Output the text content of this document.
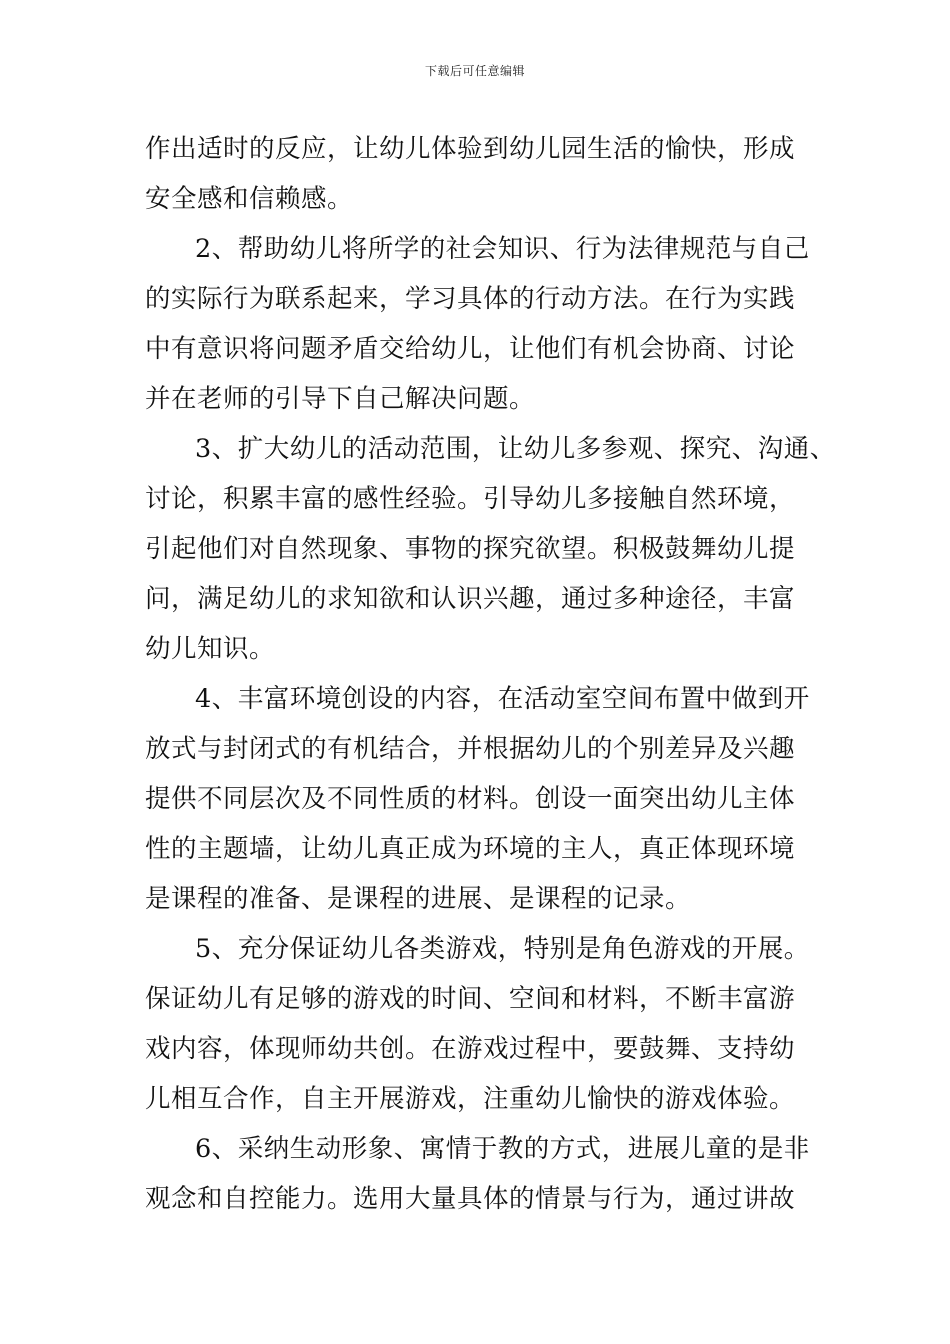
下载后可任意编辑
作出适时的反应，让幼儿体验到幼儿园生活的愉快，形成
安全感和信赖感。
2、帮助幼儿将所学的社会知识、行为法律规范与自己
的实际行为联系起来，学习具体的行动方法。在行为实践
中有意识将问题矛盾交给幼儿，让他们有机会协商、讨论
并在老师的引导下自己解决问题。
3、扩大幼儿的活动范围，让幼儿多参观、探究、沟通、
讨论，积累丰富的感性经验。引导幼儿多接触自然环境，
引起他们对自然现象、事物的探究欲望。积极鼓舞幼儿提
问，满足幼儿的求知欲和认识兴趣，通过多种途径，丰富
幼儿知识。
4、丰富环境创设的内容，在活动室空间布置中做到开
放式与封闭式的有机结合，并根据幼儿的个别差异及兴趣
提供不同层次及不同性质的材料。创设一面突出幼儿主体
性的主题墙，让幼儿真正成为环境的主人，真正体现环境
是课程的准备、是课程的进展、是课程的记录。
5、充分保证幼儿各类游戏，特别是角色游戏的开展。
保证幼儿有足够的游戏的时间、空间和材料，不断丰富游
戏内容，体现师幼共创。在游戏过程中，要鼓舞、支持幼
儿相互合作，自主开展游戏，注重幼儿愉快的游戏体验。
6、采纳生动形象、寓情于教的方式，进展儿童的是非
观念和自控能力。选用大量具体的情景与行为，通过讲故
